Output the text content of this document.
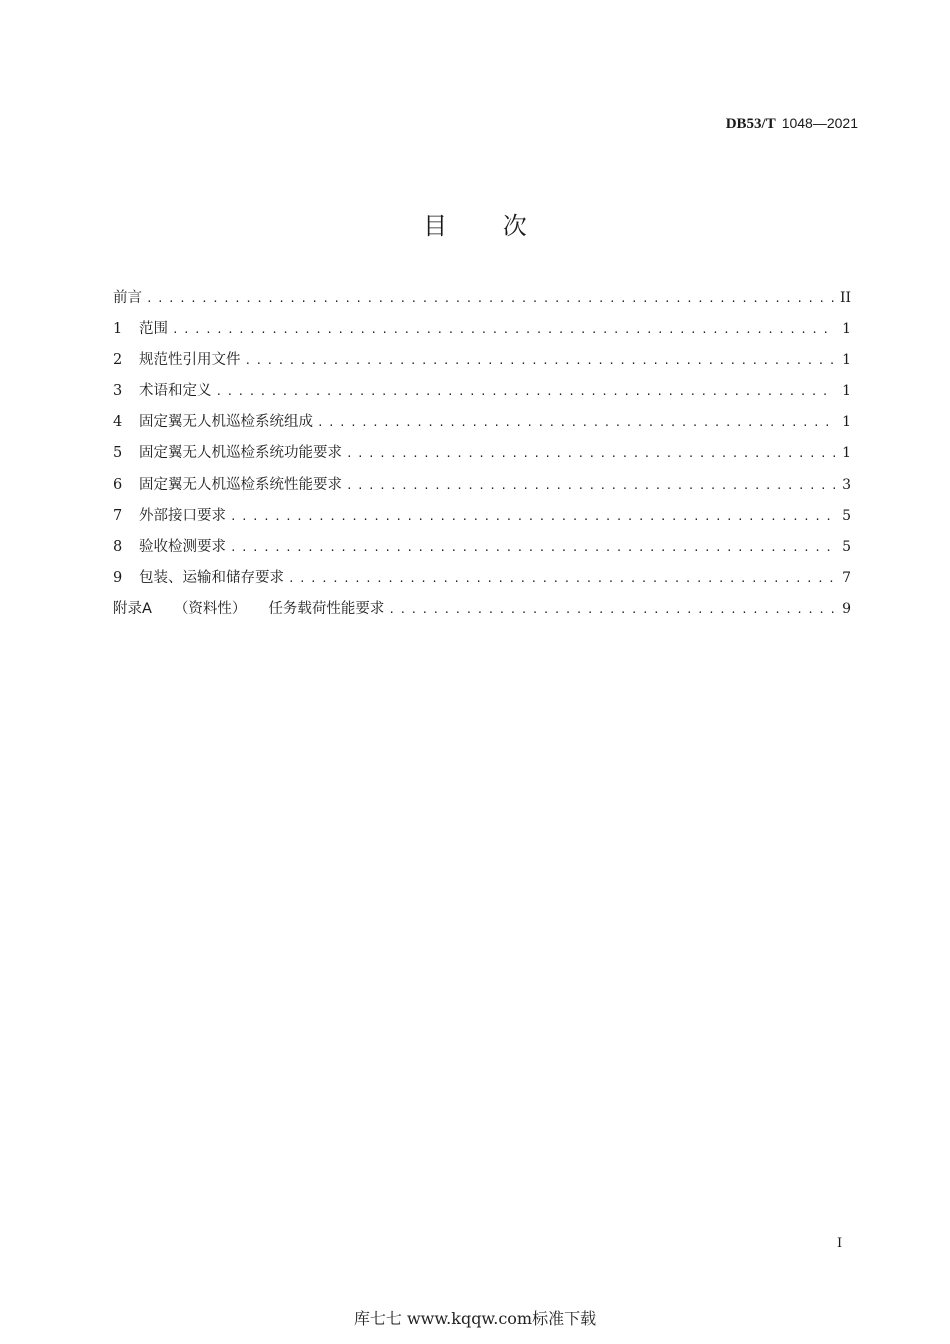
DB53/T 1048—2021
目 次
前言 .....	II
1	范围 .....	1
2	规范性引用文件 .....	1
3	术语和定义 .....	1
4	固定翼无人机巡检系统组成 .....	1
5	固定翼无人机巡检系统功能要求 .....	1
6	固定翼无人机巡检系统性能要求 .....	3
7	外部接口要求 .....	5
8	验收检测要求 .....	5
9	包装、运输和储存要求 .....	7
附录A （资料性） 任务载荷性能要求 .....	9
I
库七七 www.kqqw.com标准下载
